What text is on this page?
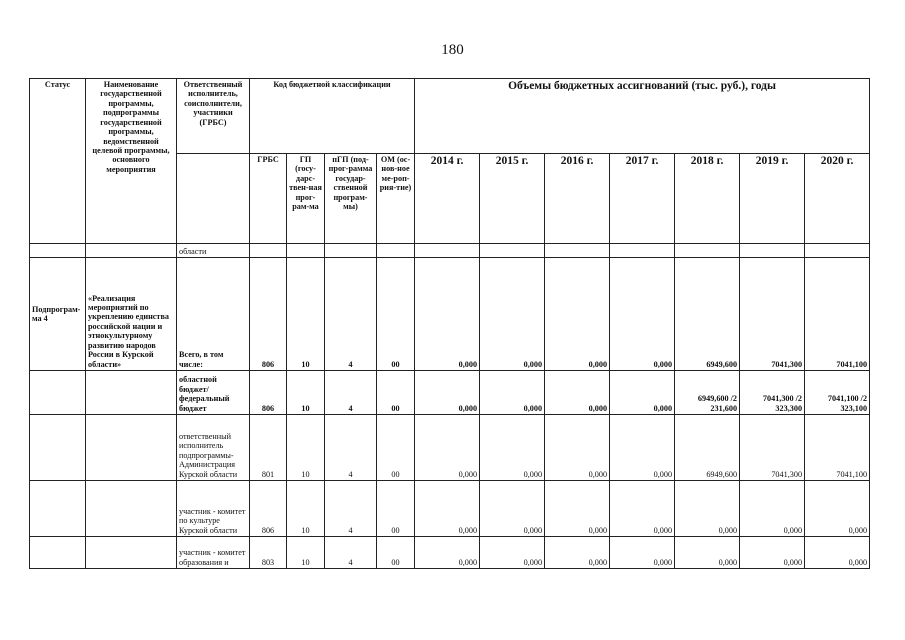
180
Статус	Наименование государственной программы, подпрограммы государственной программы, ведомственной целевой программы, основного мероприятия	Ответственный исполнитель, соисполнители, участники (ГРБС)	Код бюджетной классификации				Объемы бюджетных ассигнований (тыс. руб.), годы						
			ГРБС	ГП (госу-дарс-твен-ная прог-рам-ма	пГП (под-прог-рамма государ-ственной програм-мы)	ОМ (ос-нов-ное ме-роп-рия-тие)	2014 г.	2015 г.	2016 г.	2017 г.	2018 г.	2019 г.	2020 г.
		области											
Подпрограм-ма 4	«Реализация мероприятий по укреплению единства российской нации и этнокультурному развитию народов России в Курской области»	Всего, в том числе:	806	10	4	00	0,000	0,000	0,000	0,000	6949,600	7041,300	7041,100
		областной бюджет/ федеральный бюджет	806	10	4	00	0,000	0,000	0,000	0,000	6949,600 /2 231,600	7041,300 /2 323,300	7041,100 /2 323,100
		ответственный исполнитель подпрограммы-Администрация Курской области	801	10	4	00	0,000	0,000	0,000	0,000	6949,600	7041,300	7041,100
		участник - комитет по культуре Курской области	806	10	4	00	0,000	0,000	0,000	0,000	0,000	0,000	0,000
		участник - комитет образования и	803	10	4	00	0,000	0,000	0,000	0,000	0,000	0,000	0,000
